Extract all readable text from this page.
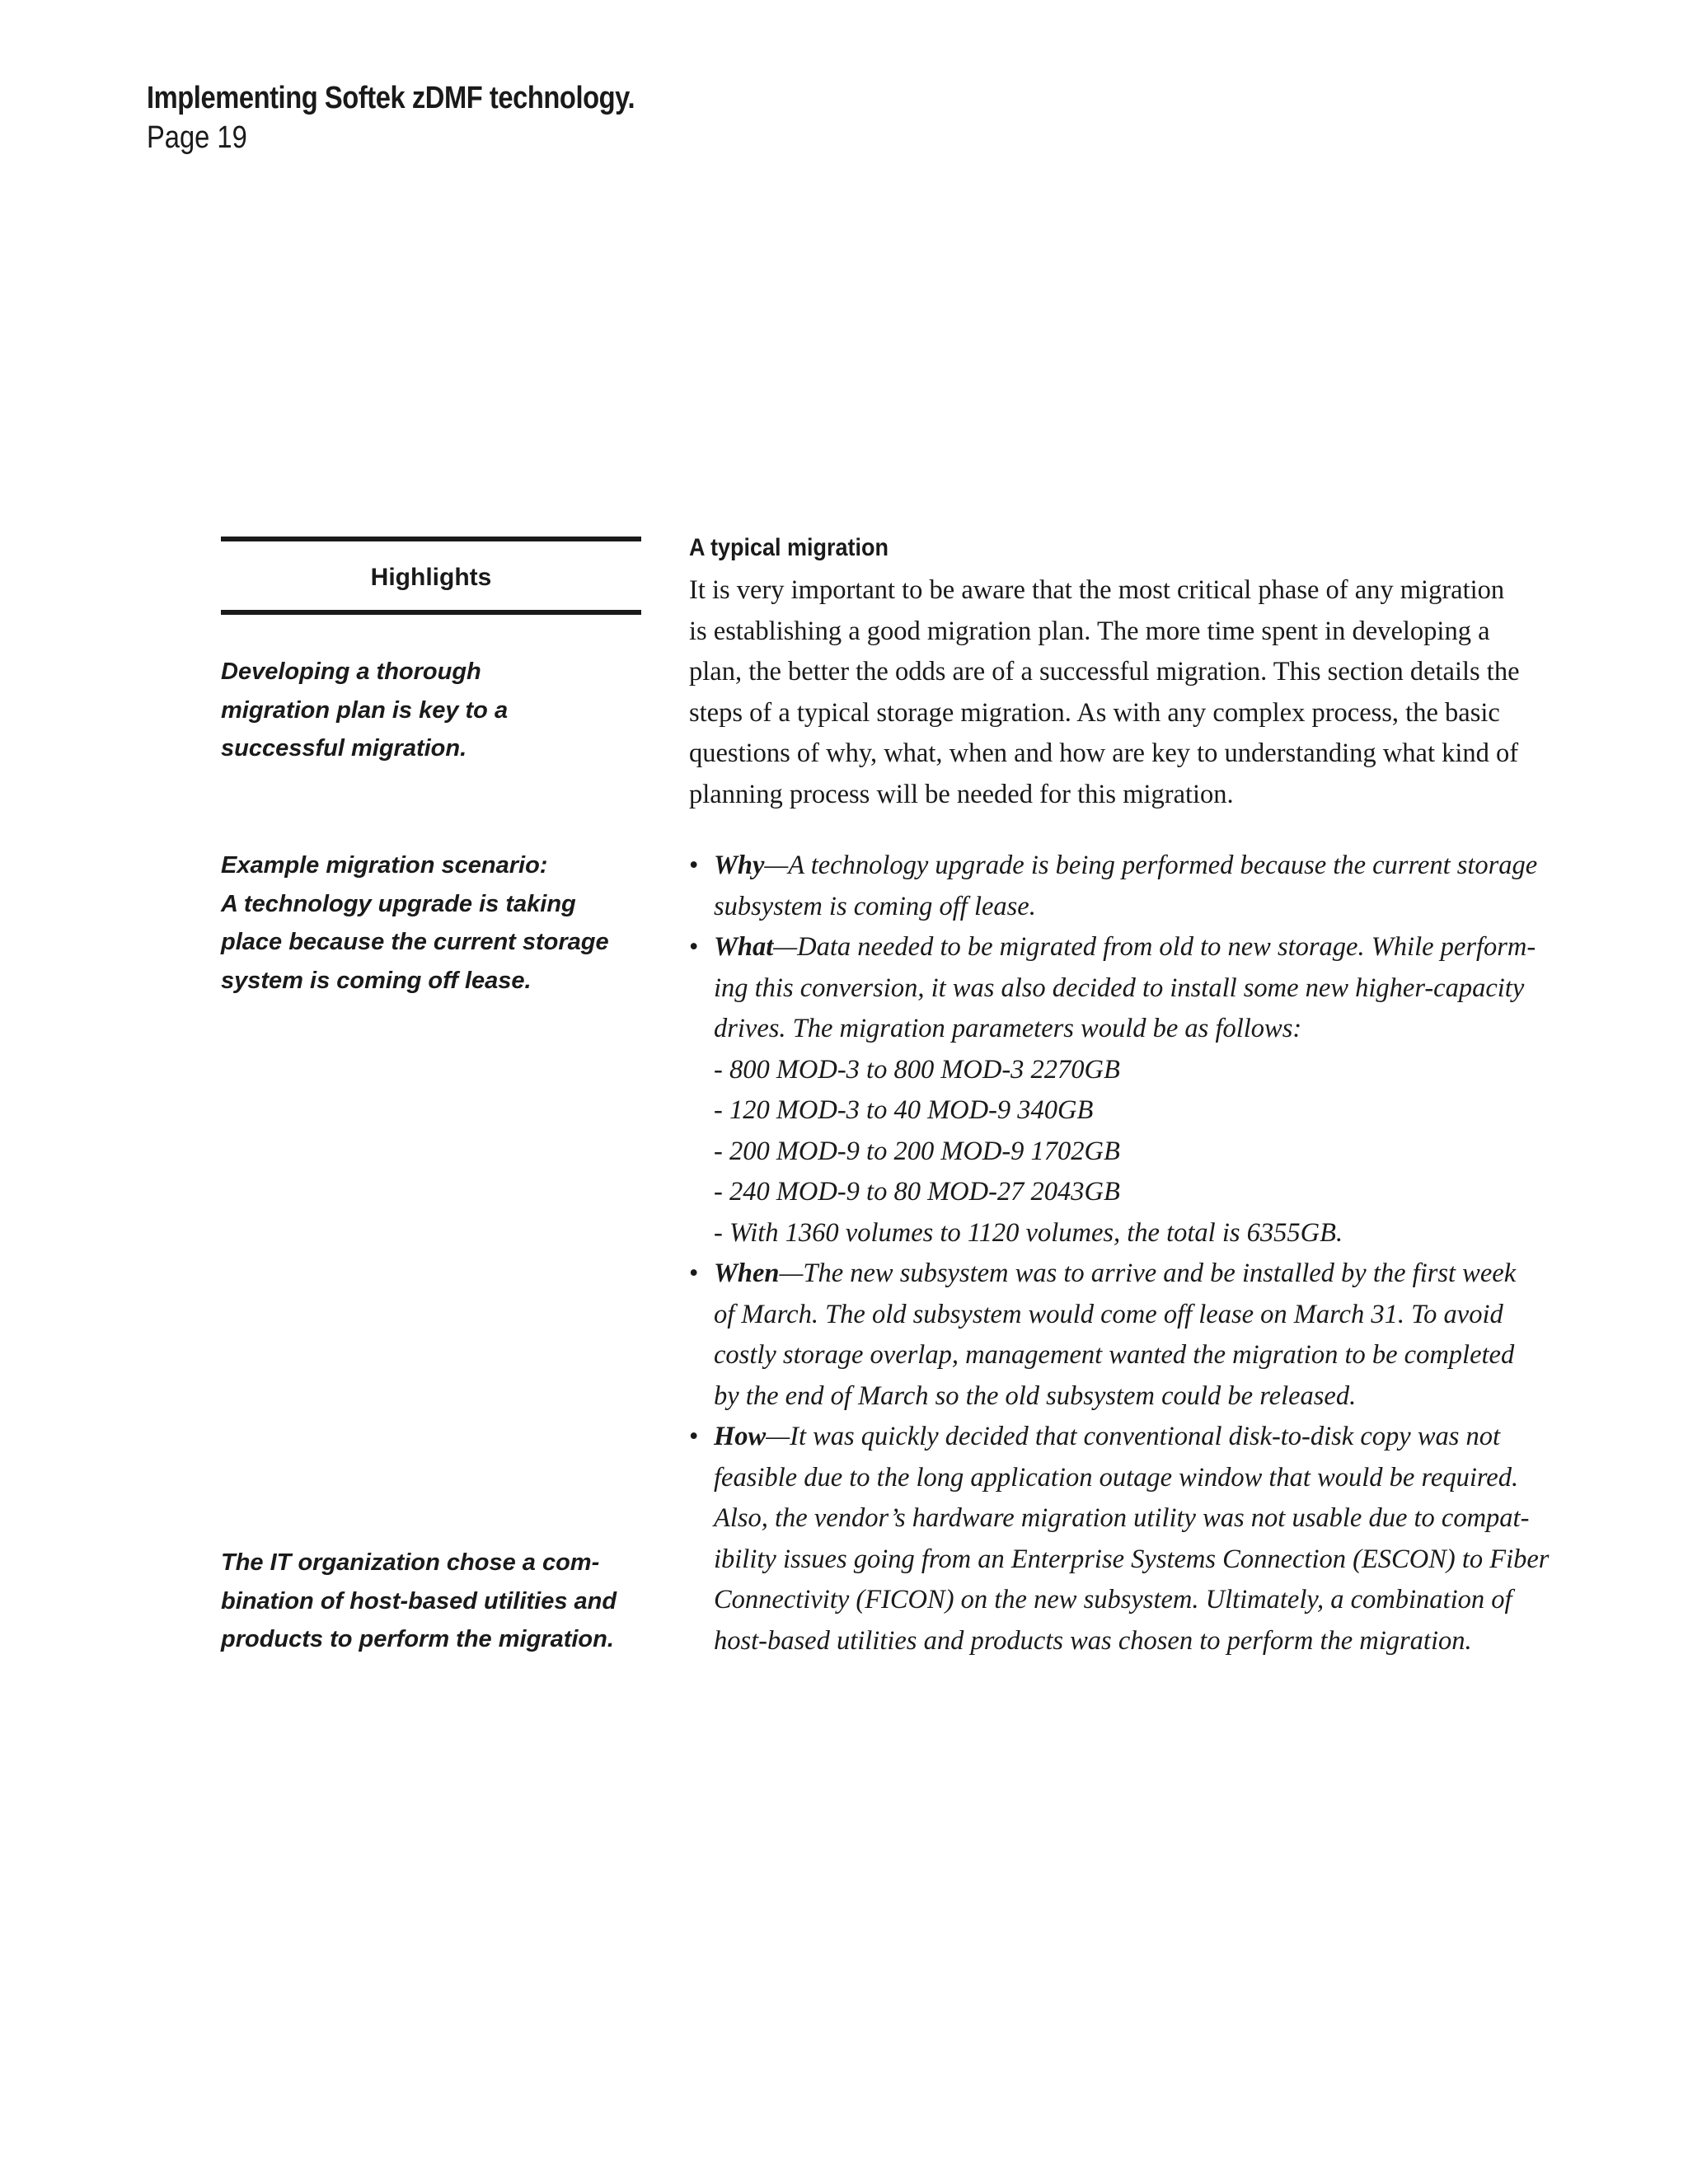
Implementing Softek zDMF technology.
Page 19
Highlights
Developing a thorough
migration plan is key to a
successful migration.
Example migration scenario:
A technology upgrade is taking
place because the current storage
system is coming off lease.
The IT organization chose a com-
bination of host-based utilities and
products to perform the migration.
A typical migration
It is very important to be aware that the most critical phase of any migration
is establishing a good migration plan. The more time spent in developing a
plan, the better the odds are of a successful migration. This section details the
steps of a typical storage migration. As with any complex process, the basic
questions of why, what, when and how are key to understanding what kind of
planning process will be needed for this migration.
• Why—A technology upgrade is being performed because the current storage
subsystem is coming off lease.
• What—Data needed to be migrated from old to new storage. While perform-
ing this conversion, it was also decided to install some new higher-capacity
drives. The migration parameters would be as follows:
- 800 MOD-3 to 800 MOD-3 2270GB
- 120 MOD-3 to 40 MOD-9 340GB
- 200 MOD-9 to 200 MOD-9 1702GB
- 240 MOD-9 to 80 MOD-27 2043GB
- With 1360 volumes to 1120 volumes, the total is 6355GB.
• When—The new subsystem was to arrive and be installed by the first week
of March. The old subsystem would come off lease on March 31. To avoid
costly storage overlap, management wanted the migration to be completed
by the end of March so the old subsystem could be released.
• How—It was quickly decided that conventional disk-to-disk copy was not
feasible due to the long application outage window that would be required.
Also, the vendor’s hardware migration utility was not usable due to compat-
ibility issues going from an Enterprise Systems Connection (ESCON) to Fiber
Connectivity (FICON) on the new subsystem. Ultimately, a combination of
host-based utilities and products was chosen to perform the migration.
